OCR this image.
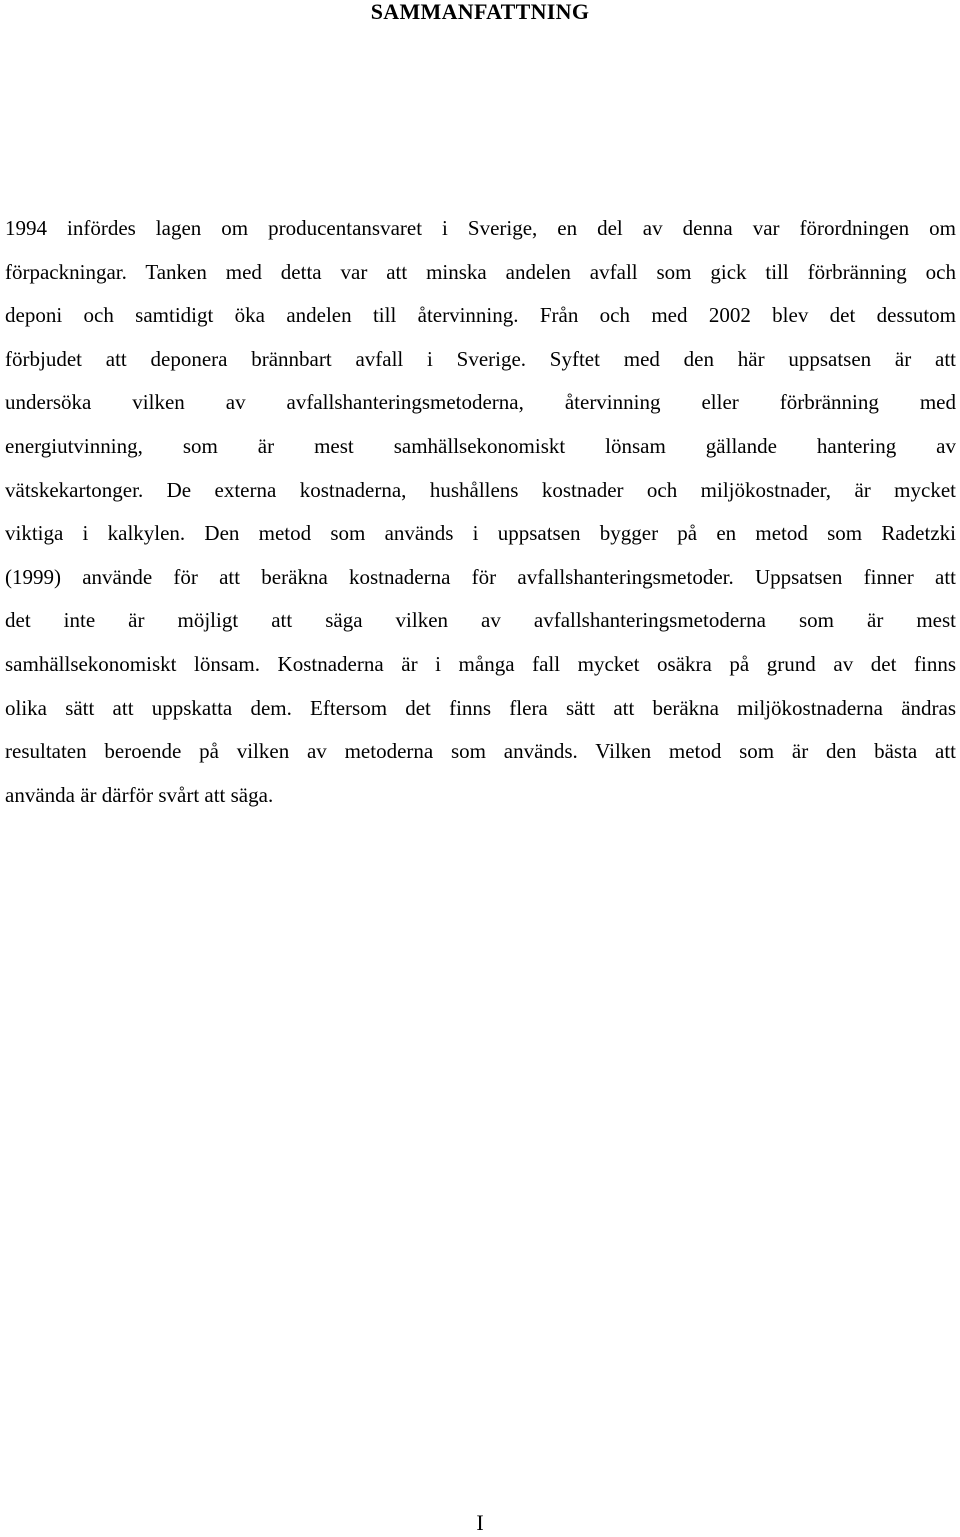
SAMMANFATTNING
1994 infördes lagen om producentansvaret i Sverige, en del av denna var förordningen om
förpackningar. Tanken med detta var att minska andelen avfall som gick till förbränning och
deponi och samtidigt öka andelen till återvinning. Från och med 2002 blev det dessutom
förbjudet att deponera brännbart avfall i Sverige. Syftet med den här uppsatsen är att
undersöka vilken av avfallshanteringsmetoderna, återvinning eller förbränning med
energiutvinning, som är mest samhällsekonomiskt lönsam gällande hantering av
vätskekartonger. De externa kostnaderna, hushållens kostnader och miljökostnader, är mycket
viktiga i kalkylen. Den metod som används i uppsatsen bygger på en metod som Radetzki
(1999) använde för att beräkna kostnaderna för avfallshanteringsmetoder. Uppsatsen finner att
det inte är möjligt att säga vilken av avfallshanteringsmetoderna som är mest
samhällsekonomiskt lönsam. Kostnaderna är i många fall mycket osäkra på grund av det finns
olika sätt att uppskatta dem. Eftersom det finns flera sätt att beräkna miljökostnaderna ändras
resultaten beroende på vilken av metoderna som används. Vilken metod som är den bästa att
använda är därför svårt att säga.
I
